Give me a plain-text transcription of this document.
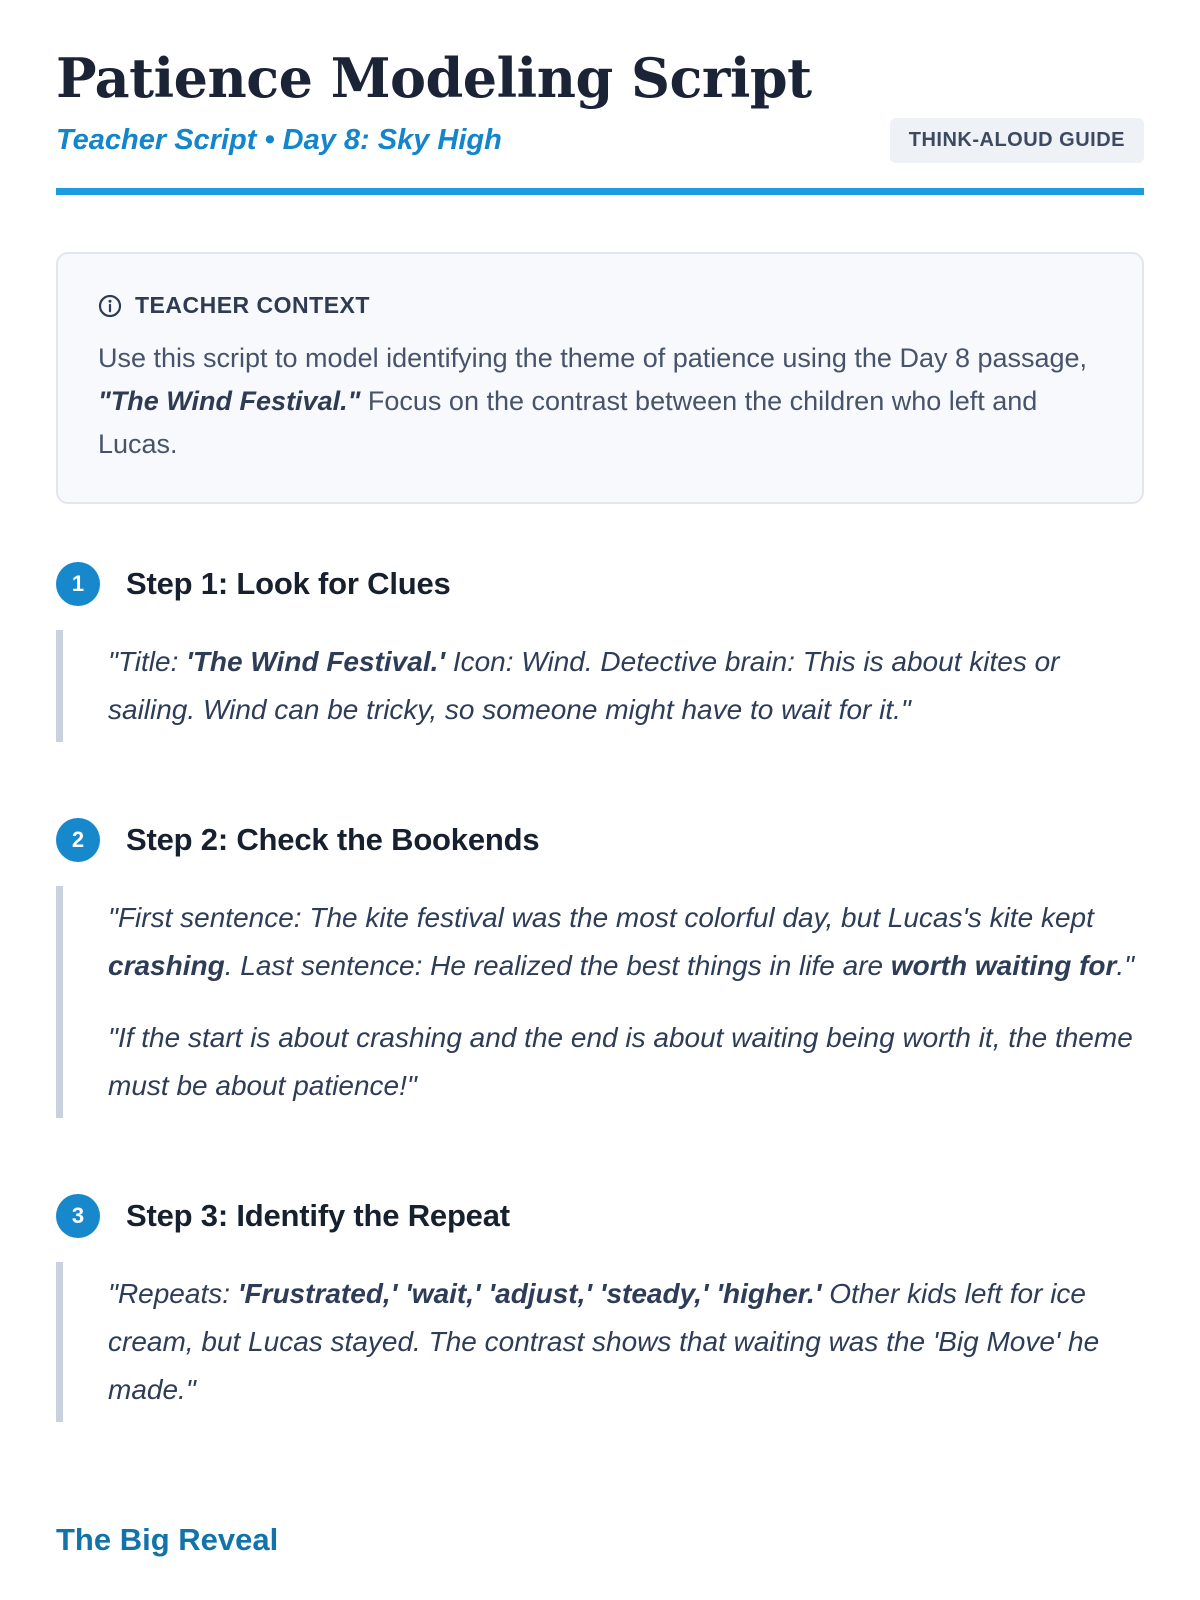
Patience Modeling Script
Teacher Script • Day 8: Sky High	THINK-ALOUD GUIDE
TEACHER CONTEXT

Use this script to model identifying the theme of patience using the Day 8 passage, "The Wind Festival." Focus on the contrast between the children who left and Lucas.

1	Step 1: Look for Clues

"Title: 'The Wind Festival.' Icon: Wind. Detective brain: This is about kites or sailing. Wind can be tricky, so someone might have to wait for it."

2	Step 2: Check the Bookends

"First sentence: The kite festival was the most colorful day, but Lucas's kite kept crashing. Last sentence: He realized the best things in life are worth waiting for."

"If the start is about crashing and the end is about waiting being worth it, the theme must be about patience!"

3	Step 3: Identify the Repeat

"Repeats: 'Frustrated,' 'wait,' 'adjust,' 'steady,' 'higher.' Other kids left for ice cream, but Lucas stayed. The contrast shows that waiting was the 'Big Move' he made."

The Big Reveal
